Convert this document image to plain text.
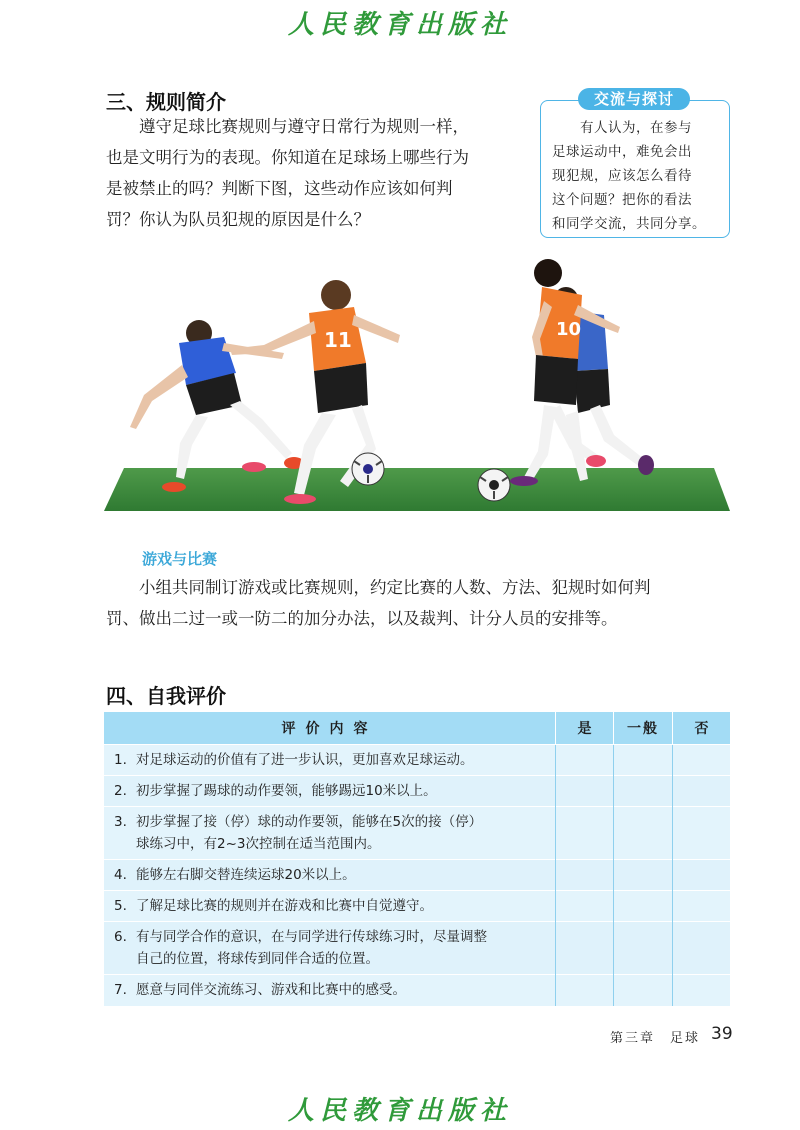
人民教育出版社
三、规则简介
遵守足球比赛规则与遵守日常行为规则一样，
也是文明行为的表现。你知道在足球场上哪些行为
是被禁止的吗？判断下图，这些动作应该如何判
罚？你认为队员犯规的原因是什么？
交流与探讨
有人认为，在参与
足球运动中，难免会出
现犯规，应该怎么看待
这个问题？把你的看法
和同学交流，共同分享。
11	10
游戏与比赛
小组共同制订游戏或比赛规则，约定比赛的人数、方法、犯规时如何判
罚、做出二过一或一防二的加分办法，以及裁判、计分人员的安排等。
四、自我评价
评价内容	是	一般	否
1. 对足球运动的价值有了进一步认识，更加喜欢足球运动。			
2. 初步掌握了踢球的动作要领，能够踢远10米以上。			

3. 初步掌握了接（停）球的动作要领，能够在5次的接（停）
球练习中，有2~3次控制在适当范围内。			

4. 能够左右脚交替连续运球20米以上。			
5. 了解足球比赛的规则并在游戏和比赛中自觉遵守。			

6. 有与同学合作的意识，在与同学进行传球练习时，尽量调整
自己的位置，将球传到同伴合适的位置。			

7. 愿意与同伴交流练习、游戏和比赛中的感受。			
第三章　足球 39
人民教育出版社
